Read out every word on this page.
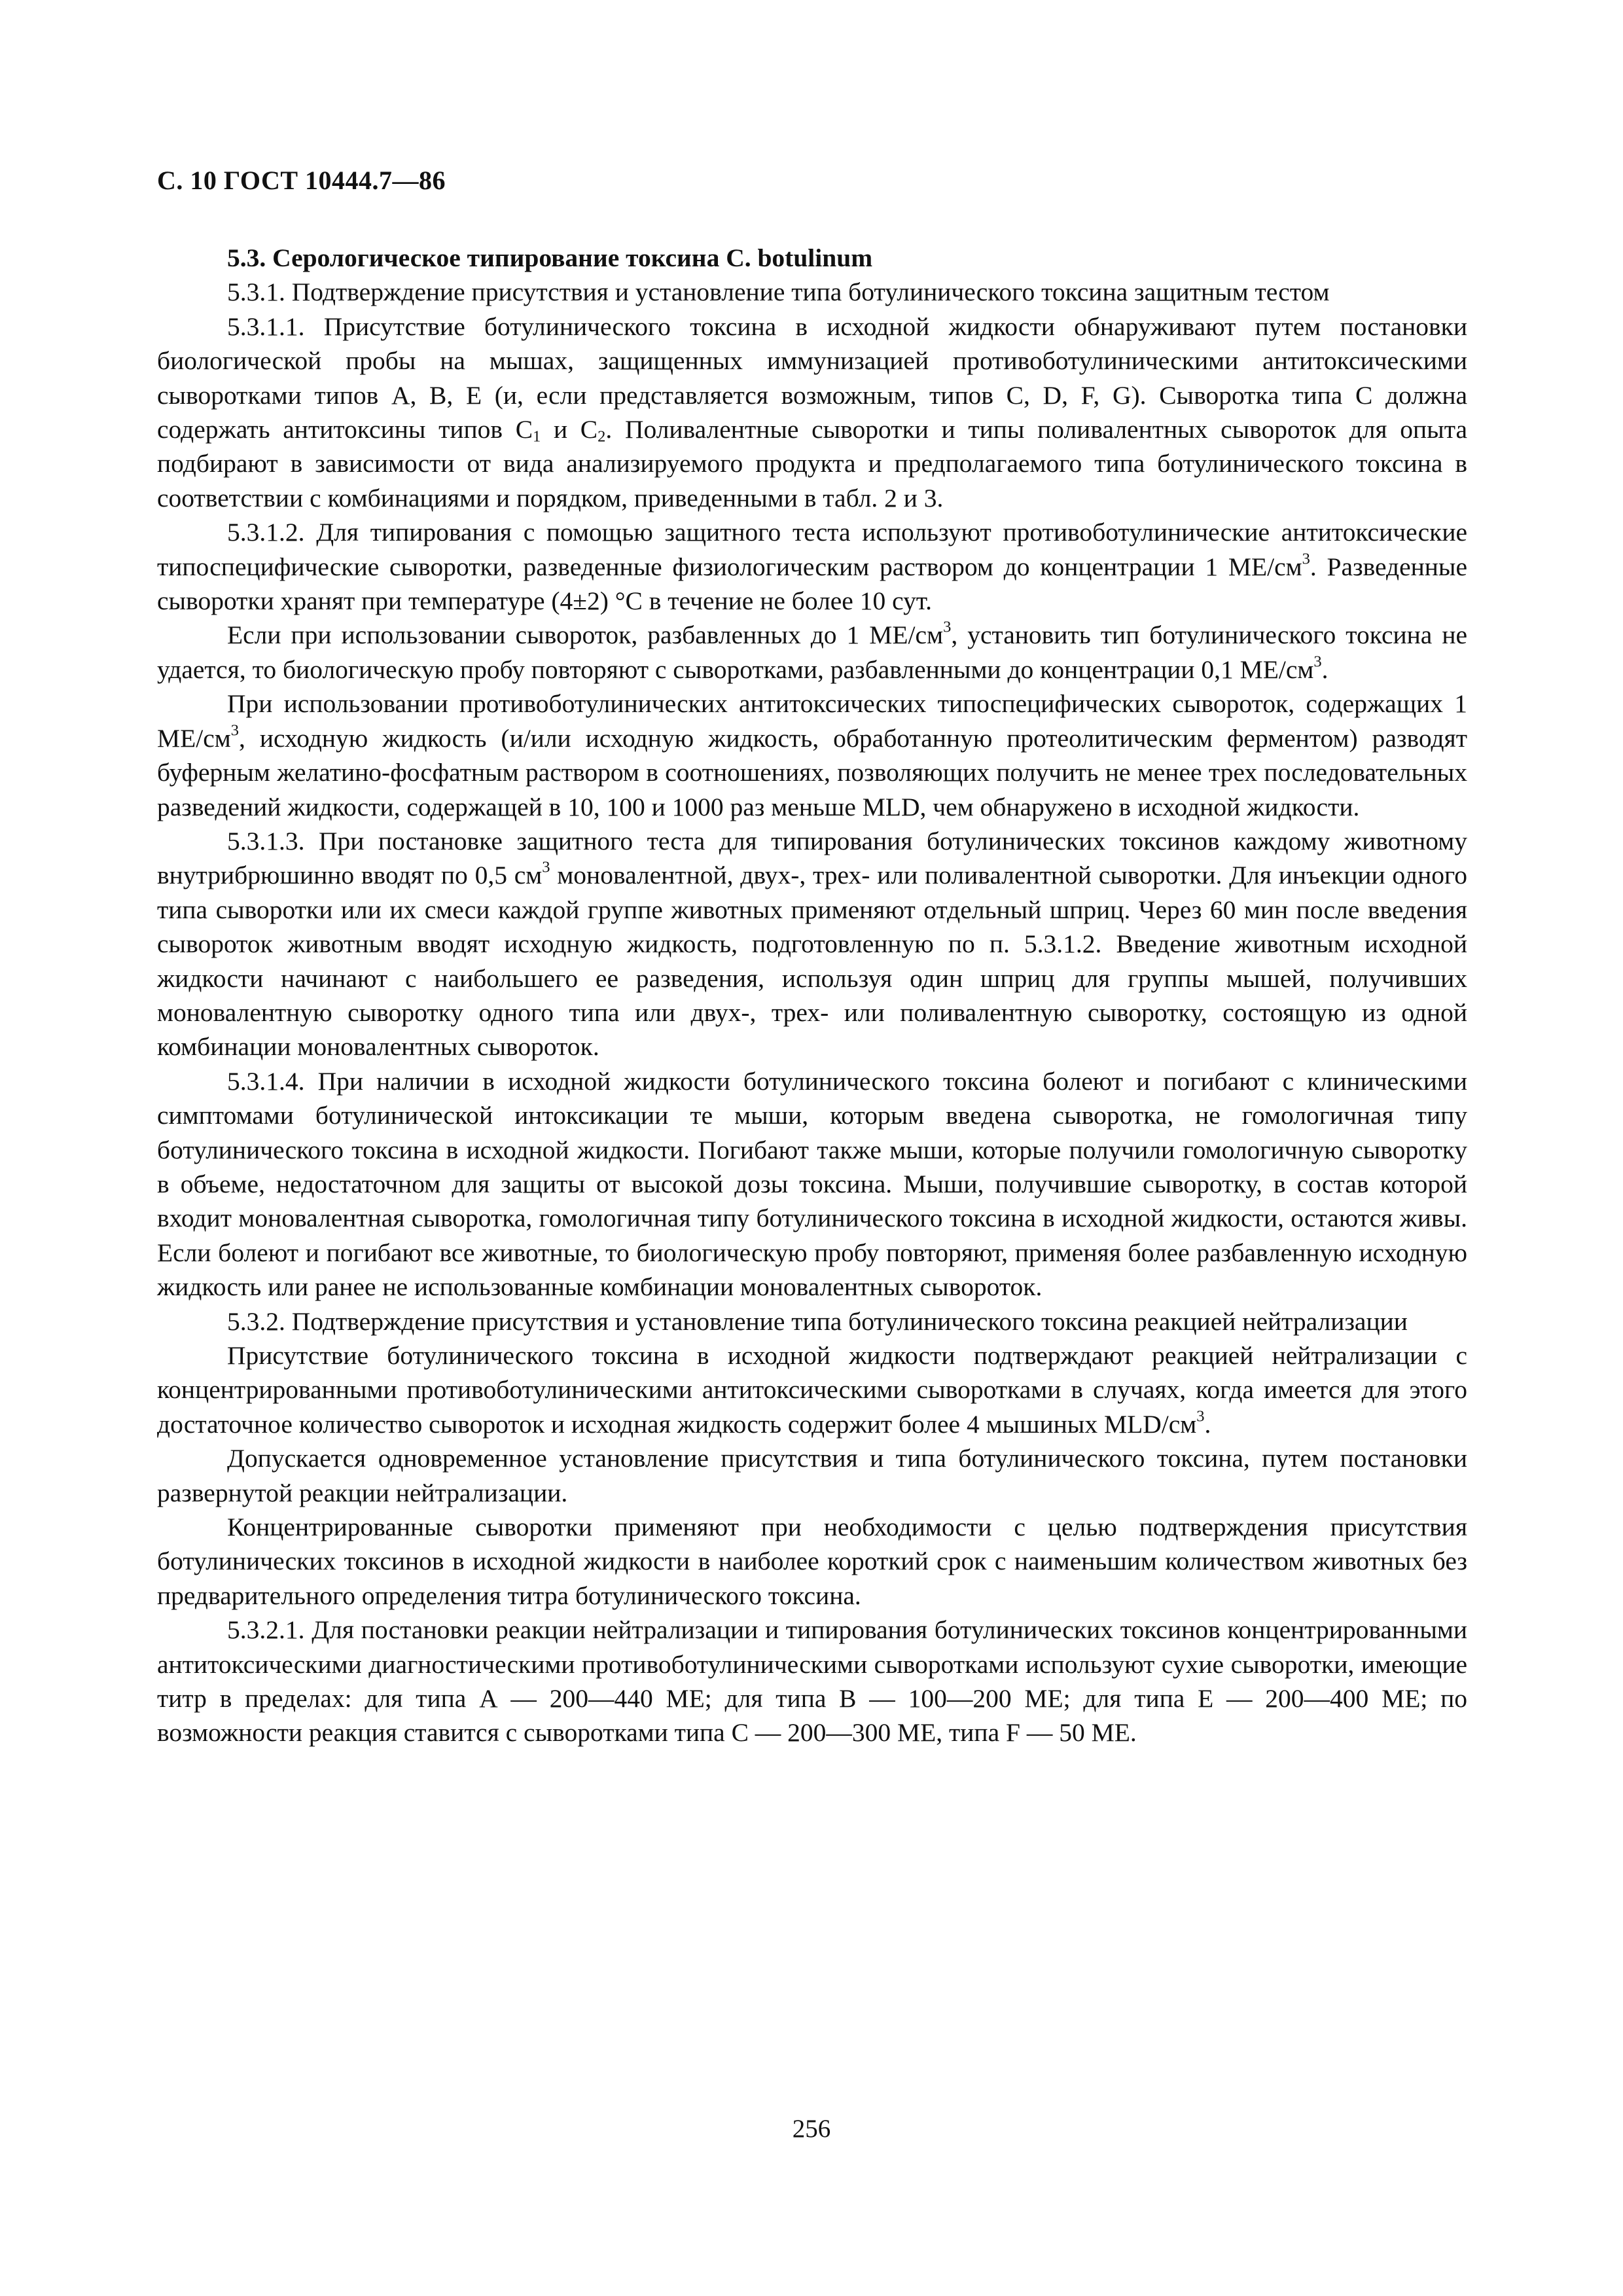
С. 10 ГОСТ 10444.7—86

5.3. Серологическое типирование токсина C. botulinum

5.3.1. Подтверждение присутствия и установление типа ботулинического токсина защитным тестом

5.3.1.1. Присутствие ботулинического токсина в исходной жидкости обнаруживают путем постановки биологической пробы на мышах, защищенных иммунизацией противоботулиническими антитоксическими сыворотками типов А, В, Е (и, если представляется возможным, типов С, D, F, G). Сыворотка типа С должна содержать антитоксины типов $С_1$ и $С_2$. Поливалентные сыворотки и типы поливалентных сывороток для опыта подбирают в зависимости от вида анализируемого продукта и предполагаемого типа ботулинического токсина в соответствии с комбинациями и порядком, приведенными в табл. 2 и 3.

5.3.1.2. Для типирования с помощью защитного теста используют противоботулинические антитоксические типоспецифические сыворотки, разведенные физиологическим раствором до концентрации 1 $МЕ/см^3$. Разведенные сыворотки хранят при температуре (4±2) °С в течение не более 10 сут.

Если при использовании сывороток, разбавленных до 1 $МЕ/см^3$, установить тип ботулинического токсина не удается, то биологическую пробу повторяют с сыворотками, разбавленными до концентрации 0,1 $МЕ/см^3$.

При использовании противоботулинических антитоксических типоспецифических сывороток, содержащих 1 $МЕ/см^3$, исходную жидкость (и/или исходную жидкость, обработанную протеолитическим ферментом) разводят буферным желатино-фосфатным раствором в соотношениях, позволяющих получить не менее трех последовательных разведений жидкости, содержащей в 10, 100 и 1000 раз меньше MLD, чем обнаружено в исходной жидкости.

5.3.1.3. При постановке защитного теста для типирования ботулинических токсинов каждому животному внутрибрюшинно вводят по 0,5 $см^3$ моновалентной, двух-, трех- или поливалентной сыворотки. Для инъекции одного типа сыворотки или их смеси каждой группе животных применяют отдельный шприц. Через 60 мин после введения сывороток животным вводят исходную жидкость, подготовленную по п. 5.3.1.2. Введение животным исходной жидкости начинают с наибольшего ее разведения, используя один шприц для группы мышей, получивших моновалентную сыворотку одного типа или двух-, трех- или поливалентную сыворотку, состоящую из одной комбинации моновалентных сывороток.

5.3.1.4. При наличии в исходной жидкости ботулинического токсина болеют и погибают с клиническими симптомами ботулинической интоксикации те мыши, которым введена сыворотка, не гомологичная типу ботулинического токсина в исходной жидкости. Погибают также мыши, которые получили гомологичную сыворотку в объеме, недостаточном для защиты от высокой дозы токсина. Мыши, получившие сыворотку, в состав которой входит моновалентная сыворотка, гомологичная типу ботулинического токсина в исходной жидкости, остаются живы. Если болеют и погибают все животные, то биологическую пробу повторяют, применяя более разбавленную исходную жидкость или ранее не использованные комбинации моновалентных сывороток.

5.3.2. Подтверждение присутствия и установление типа ботулинического токсина реакцией нейтрализации

Присутствие ботулинического токсина в исходной жидкости подтверждают реакцией нейтрализации с концентрированными противоботулиническими антитоксическими сыворотками в случаях, когда имеется для этого достаточное количество сывороток и исходная жидкость содержит более 4 мышиных MLD/$см^3$.

Допускается одновременное установление присутствия и типа ботулинического токсина, путем постановки развернутой реакции нейтрализации.

Концентрированные сыворотки применяют при необходимости с целью подтверждения присутствия ботулинических токсинов в исходной жидкости в наиболее короткий срок с наименьшим количеством животных без предварительного определения титра ботулинического токсина.

5.3.2.1. Для постановки реакции нейтрализации и типирования ботулинических токсинов концентрированными антитоксическими диагностическими противоботулиническими сыворотками используют сухие сыворотки, имеющие титр в пределах: для типа А — 200—440 МЕ; для типа В — 100—200 МЕ; для типа Е — 200—400 МЕ; по возможности реакция ставится с сыворотками типа С — 200—300 МЕ, типа F — 50 МЕ.

256
